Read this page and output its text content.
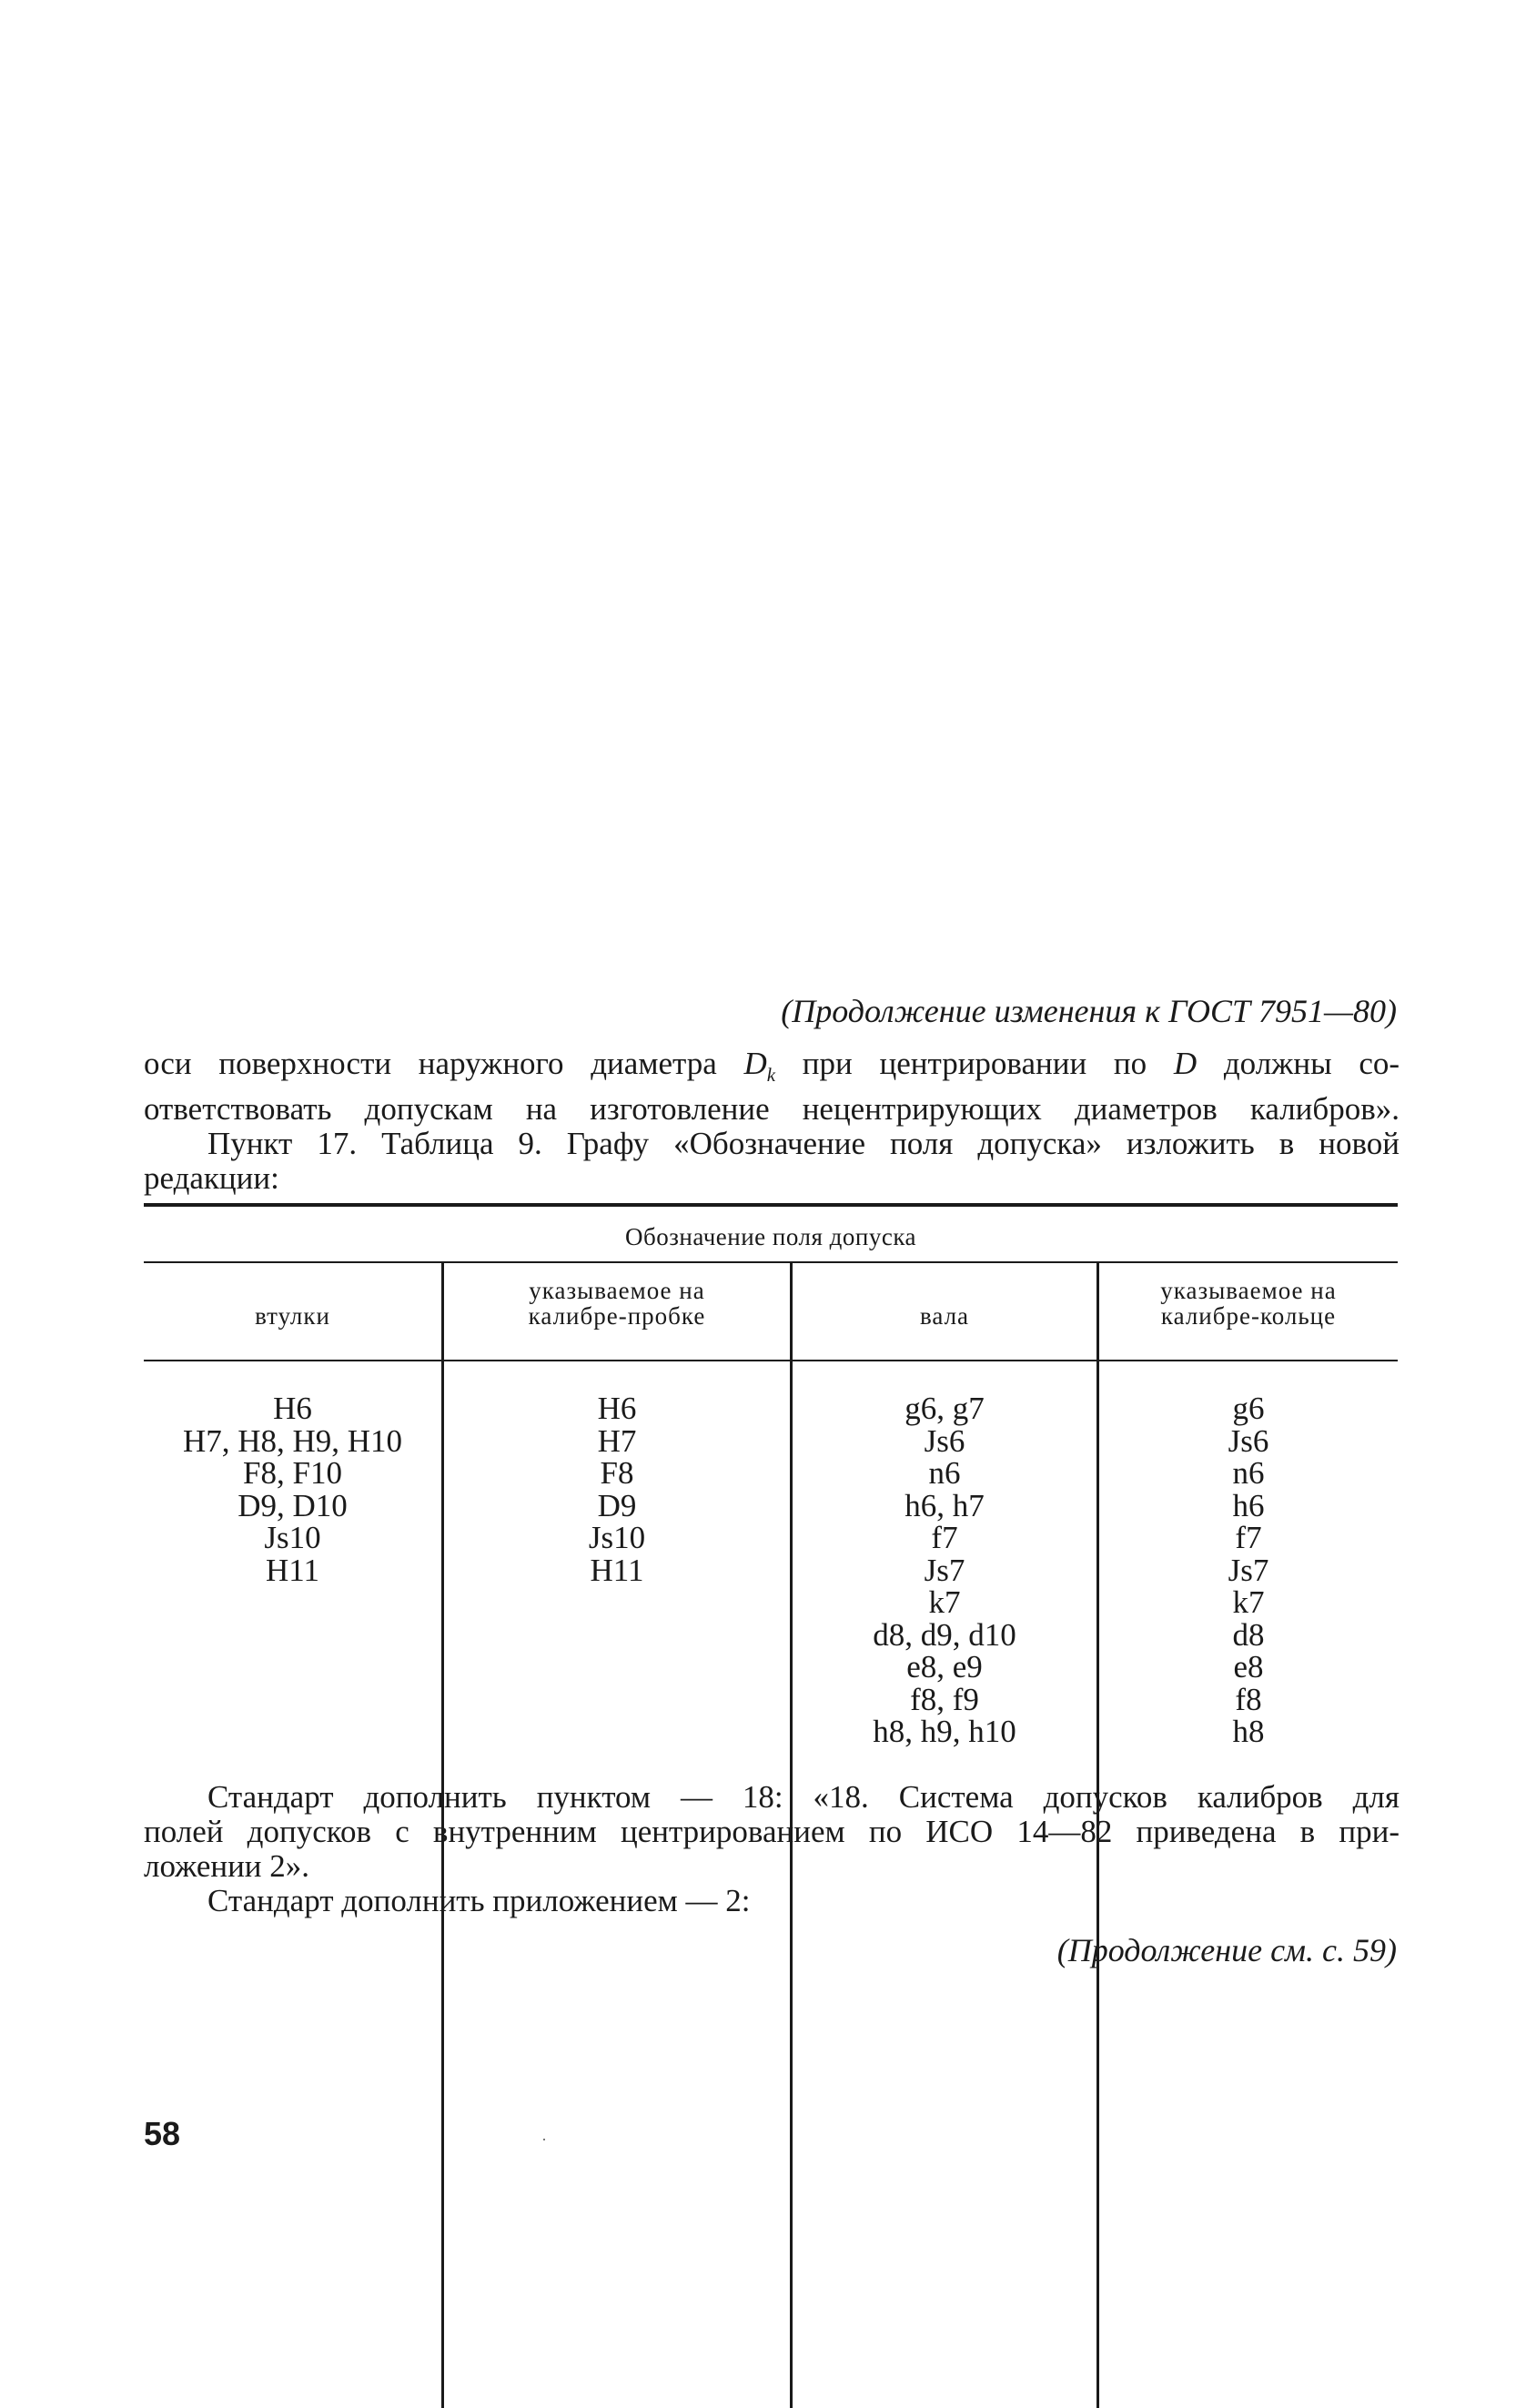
(Продолжение изменения к ГОСТ 7951—80)
оси поверхности наружного диаметра $D_k$ при центрировании по D должны со-
ответствовать допускам на изготовление нецентрирующих диаметров калибров».
Пункт 17. Таблица 9. Графу «Обозначение поля допуска» изложить в новой
редакции:
Обозначение поля допуска
втулки
указываемое на
калибре-пробке	вала
указываемое на
калибре-кольце
H6
H7, H8, H9, H10
F8, F10
D9, D10
Js10
H11
H6
H7
F8
D9
Js10
H11
g6, g7
Js6
n6
h6, h7
f7
Js7
k7
d8, d9, d10
e8, e9
f8, f9
h8, h9, h10
g6
Js6
n6
h6
f7
Js7
k7
d8
e8
f8
h8
Стандарт дополнить пунктом — 18: «18. Система допусков калибров для
полей допусков с внутренним центрированием по ИСО 14—82 приведена в при-
ложении 2».
Стандарт дополнить приложением — 2:
(Продолжение см. с. 59)
58
